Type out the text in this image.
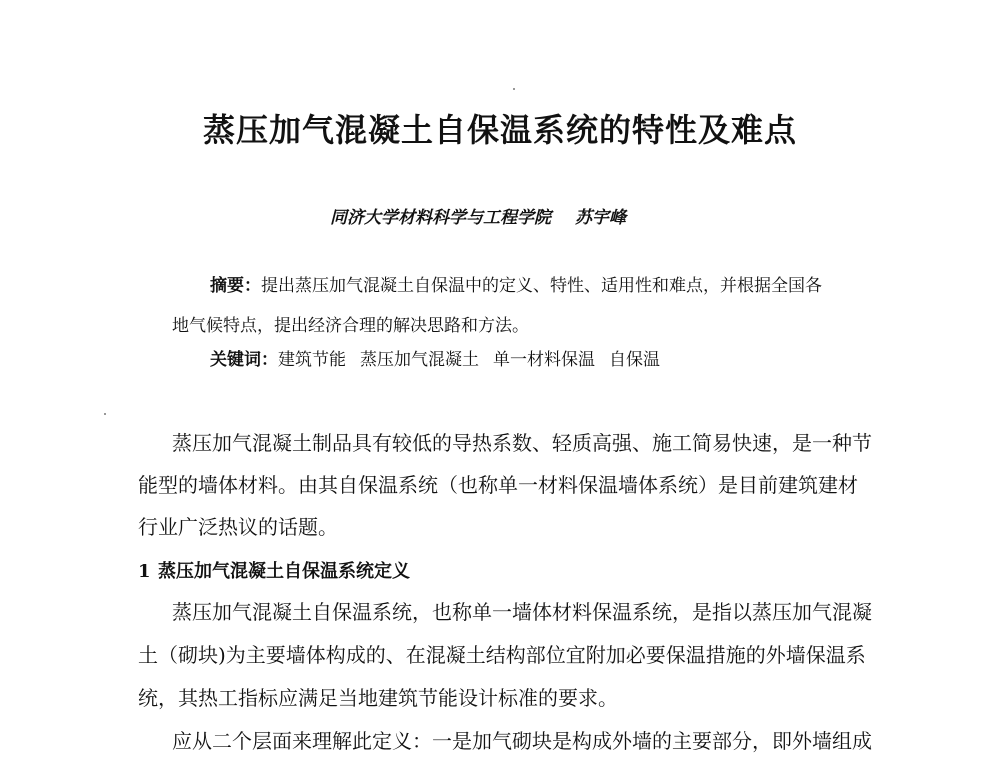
蒸压加气混凝土自保温系统的特性及难点
同济大学材料科学与工程学院 苏宇峰
摘要：提出蒸压加气混凝土自保温中的定义、特性、适用性和难点，并根据全国各
地气候特点，提出经济合理的解决思路和方法。
关键词：建筑节能 蒸压加气混凝土 单一材料保温 自保温
蒸压加气混凝土制品具有较低的导热系数、轻质高强、施工简易快速，是一种节
能型的墙体材料。由其自保温系统（也称单一材料保温墙体系统）是目前建筑建材
行业广泛热议的话题。
1 蒸压加气混凝土自保温系统定义
蒸压加气混凝土自保温系统，也称单一墙体材料保温系统，是指以蒸压加气混凝
土（砌块)为主要墙体构成的、在混凝土结构部位宜附加必要保温措施的外墙保温系
统，其热工指标应满足当地建筑节能设计标准的要求。
应从二个层面来理解此定义：一是加气砌块是构成外墙的主要部分，即外墙组成
